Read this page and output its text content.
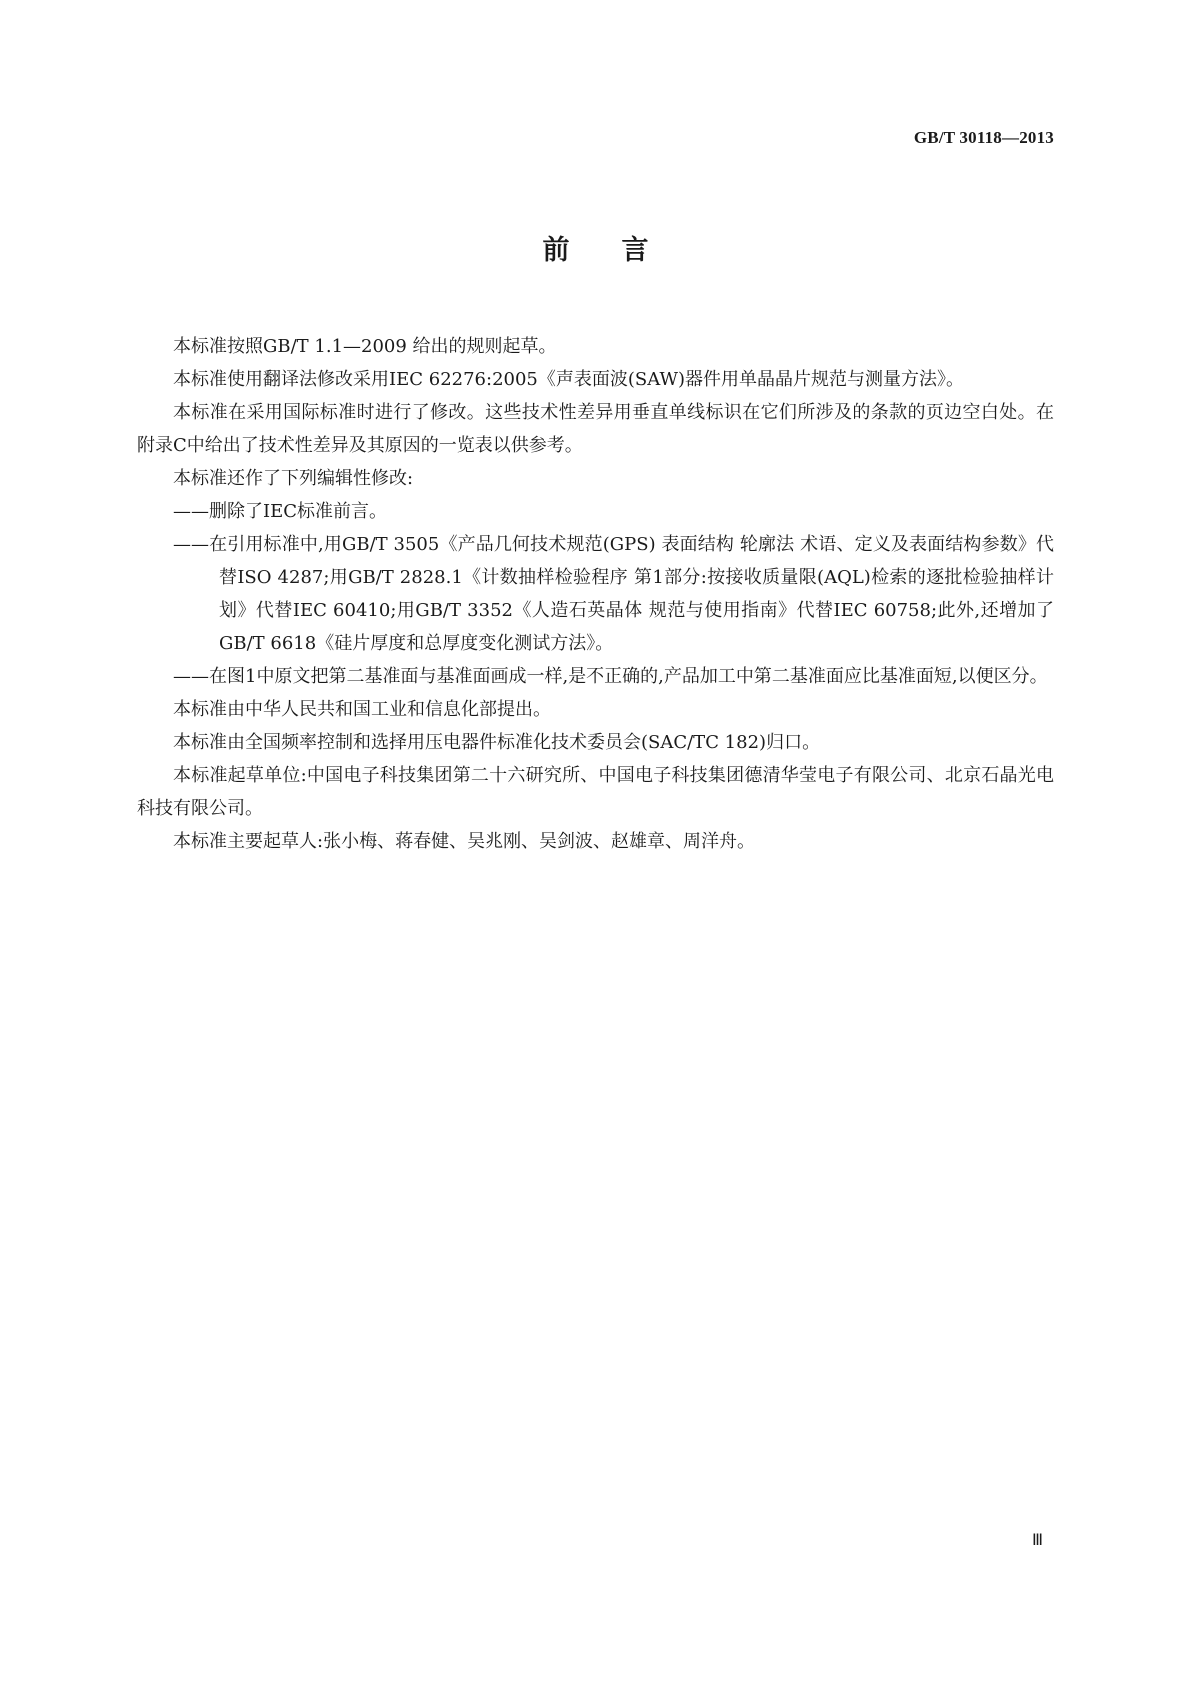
GB/T 30118—2013
前言

本标准按照GB/T 1.1—2009 给出的规则起草。

本标准使用翻译法修改采用IEC 62276:2005《声表面波(SAW)器件用单晶晶片规范与测量方法》。

本标准在采用国际标准时进行了修改。这些技术性差异用垂直单线标识在它们所涉及的条款的页边空白处。在附录C中给出了技术性差异及其原因的一览表以供参考。

本标准还作了下列编辑性修改:

——删除了IEC标准前言。

——在引用标准中,用GB/T 3505《产品几何技术规范(GPS) 表面结构 轮廓法 术语、定义及表面结构参数》代替ISO 4287;用GB/T 2828.1《计数抽样检验程序 第1部分:按接收质量限(AQL)检索的逐批检验抽样计划》代替IEC 60410;用GB/T 3352《人造石英晶体 规范与使用指南》代替IEC 60758;此外,还增加了GB/T 6618《硅片厚度和总厚度变化测试方法》。

——在图1中原文把第二基准面与基准面画成一样,是不正确的,产品加工中第二基准面应比基准面短,以便区分。

本标准由中华人民共和国工业和信息化部提出。

本标准由全国频率控制和选择用压电器件标准化技术委员会(SAC/TC 182)归口。

本标准起草单位:中国电子科技集团第二十六研究所、中国电子科技集团德清华莹电子有限公司、北京石晶光电科技有限公司。

本标准主要起草人:张小梅、蒋春健、吴兆刚、吴剑波、赵雄章、周洋舟。

Ⅲ
